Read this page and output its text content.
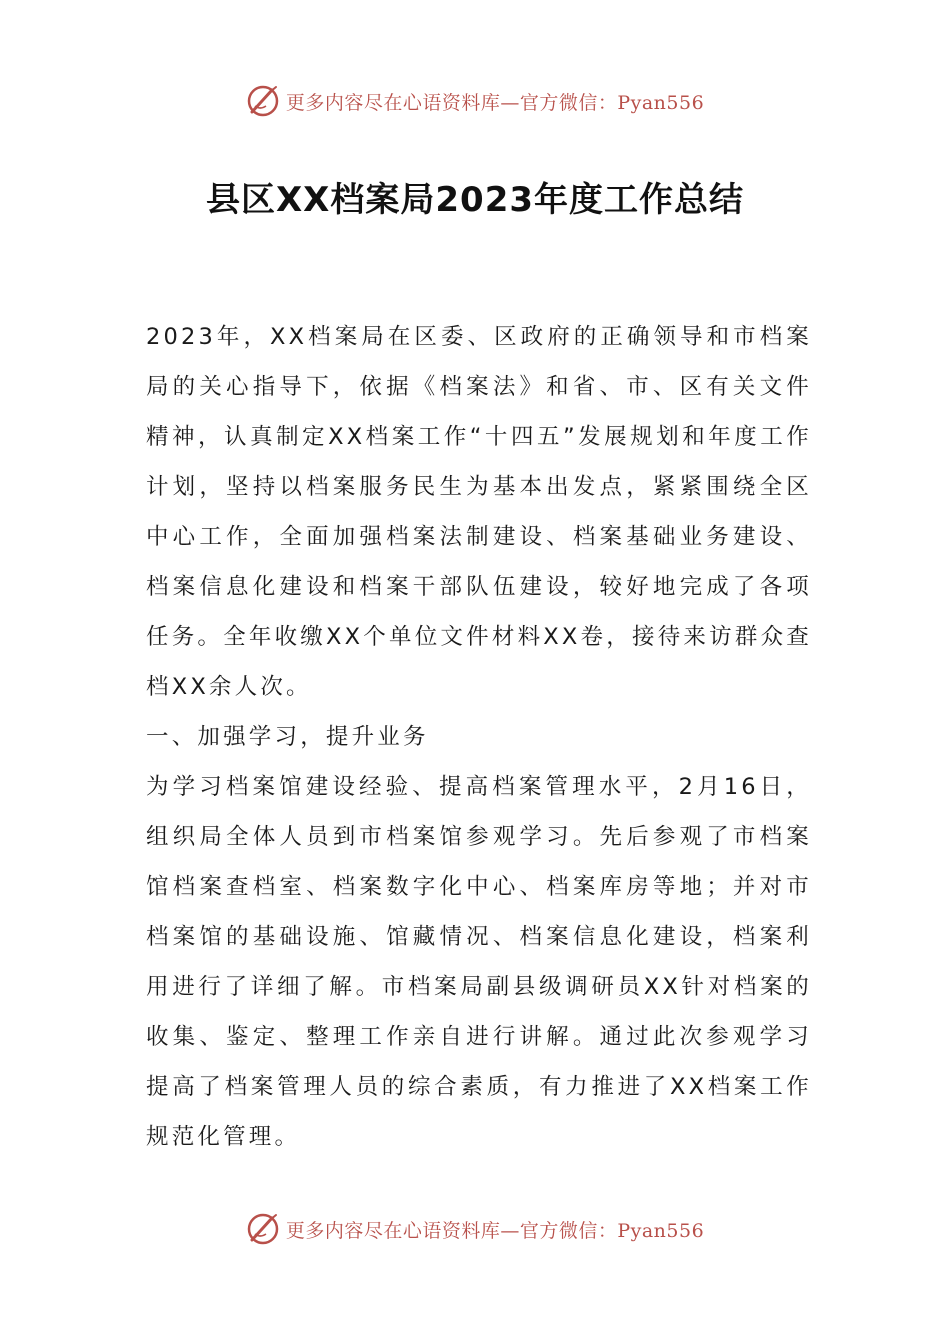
更多内容尽在心语资料库—官方微信：Pyan556
县区XX档案局2023年度工作总结

2023年，XX档案局在区委、区政府的正确领导和市档案局的关心指导下，依据《档案法》和省、市、区有关文件精神，认真制定XX档案工作“十四五”发展规划和年度工作计划，坚持以档案服务民生为基本出发点，紧紧围绕全区中心工作，全面加强档案法制建设、档案基础业务建设、档案信息化建设和档案干部队伍建设，较好地完成了各项任务。全年收缴XX个单位文件材料XX卷，接待来访群众查档XX余人次。

一、加强学习，提升业务

为学习档案馆建设经验、提高档案管理水平，2月16日，组织局全体人员到市档案馆参观学习。先后参观了市档案馆档案查档室、档案数字化中心、档案库房等地；并对市档案馆的基础设施、馆藏情况、档案信息化建设，档案利用进行了详细了解。市档案局副县级调研员XX针对档案的收集、鉴定、整理工作亲自进行讲解。通过此次参观学习提高了档案管理人员的综合素质，有力推进了XX档案工作规范化管理。

更多内容尽在心语资料库—官方微信：Pyan556
